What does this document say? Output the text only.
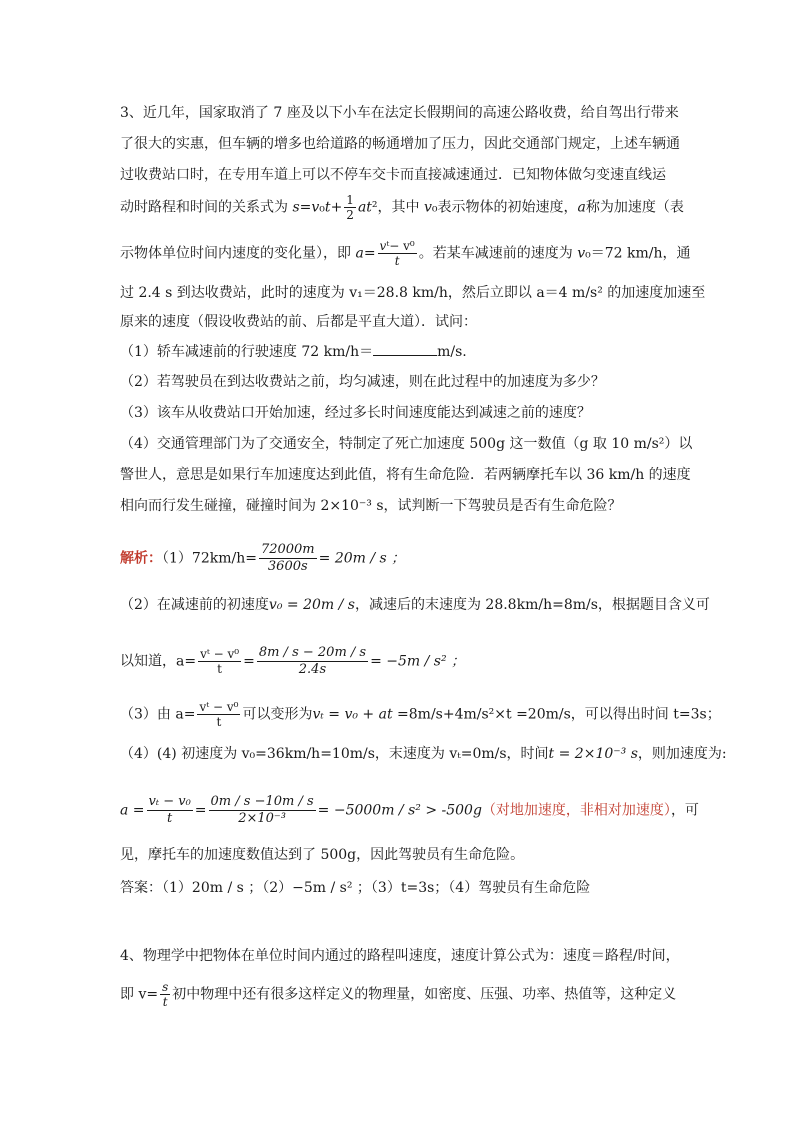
3、近几年，国家取消了 7 座及以下小车在法定长假期间的高速公路收费，给自驾出行带来
了很大的实惠，但车辆的增多也给道路的畅通增加了压力，因此交通部门规定，上述车辆通
过收费站口时，在专用车道上可以不停车交卡而直接减速通过．已知物体做匀变速直线运
动时路程和时间的关系式为 $s=v_0t+ \frac{1}{2} at^2$，其中 v₀表示物体的初始速度，a称为加速度（表
示物体单位时间内速度的变化量），即 $a= \frac{\text{vᵗ− v⁰}}{t}$ 。若某车减速前的速度为 v₀＝72 km/h，通
过 2.4 s 到达收费站，此时的速度为 v₁＝28.8 km/h，然后立即以 a＝4 m/s² 的加速度加速至
原来的速度（假设收费站的前、后都是平直大道）．试问：
（1）轿车减速前的行驶速度 72 km/h＝	m/s.
（2）若驾驶员在到达收费站之前，均匀减速，则在此过程中的加速度为多少？
（3）该车从收费站口开始加速，经过多长时间速度能达到减速之前的速度？
（4）交通管理部门为了交通安全，特制定了死亡加速度 500g 这一数值（g 取 10 m/s²）以
警世人，意思是如果行车加速度达到此值，将有生命危险．若两辆摩托车以 36 km/h 的速度
相向而行发生碰撞，碰撞时间为 2×10⁻³ s，试判断一下驾驶员是否有生命危险？
解析：$(1)72km/h= \frac{72000m}{3600s} = 20m / s$ ；
（2）在减速前的初速度v₀ = 20m / s，减速后的末速度为 28.8km/h=8m/s，根据题目含义可
以知道，$a= \frac{\text{vᵗ − v⁰}}{t} = \frac{8m / s - 20m / s}{2.4s} = -5m / s^2$ ；
（3）由 $a= \frac{\text{vᵗ − v⁰}}{t}$ 可以变形为vₜ = v₀ + at =8m/s+4m/s²×t =20m/s，可以得出时间 t=3s；
（4）(4) 初速度为 v₀=36km/h=10m/s，末速度为 vₜ=0m/s，时间t = 2×10⁻³ s，则加速度为:
$a = \frac{\text{vₜ − v₀}}{t} = \frac{0m / s -10m / s}{\text{2×10⁻³}} = -5000m / s^2 > -500g$（对地加速度，非相对加速度），可
见，摩托车的加速度数值达到了 500g，因此驾驶员有生命危险。
答案：（1）20m / s ；（2）−5m / s² ；（3）t=3s；（4）驾驶员有生命危险
4、物理学中把物体在单位时间内通过的路程叫速度，速度计算公式为：速度＝路程/时间，
即 $v= \frac{s}{t}$ 初中物理中还有很多这样定义的物理量，如密度、压强、功率、热值等，这种定义
